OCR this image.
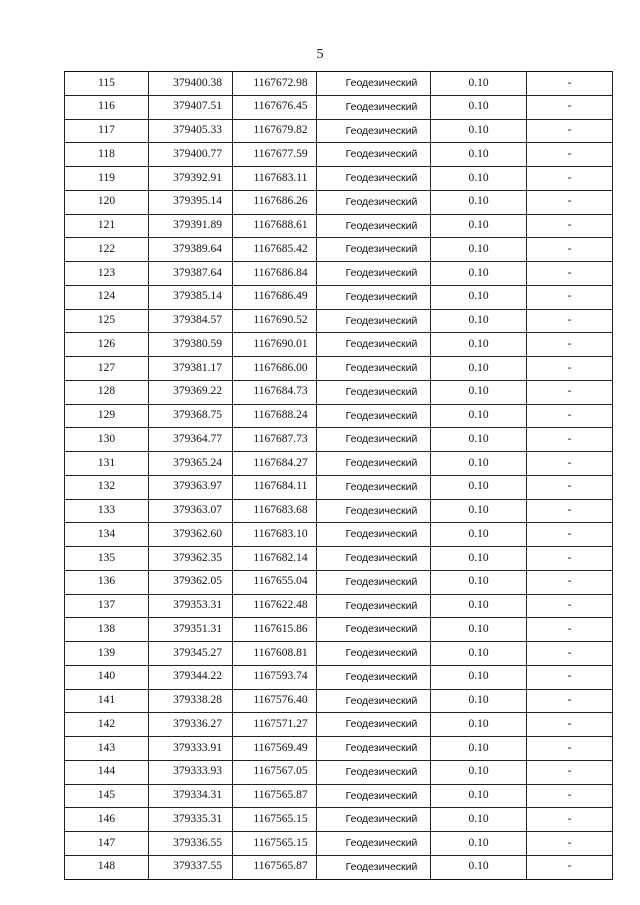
5
115	379400.38	1167672.98	Геодезический	0.10	-
116	379407.51	1167676.45	Геодезический	0.10	-
117	379405.33	1167679.82	Геодезический	0.10	-
118	379400.77	1167677.59	Геодезический	0.10	-
119	379392.91	1167683.11	Геодезический	0.10	-
120	379395.14	1167686.26	Геодезический	0.10	-
121	379391.89	1167688.61	Геодезический	0.10	-
122	379389.64	1167685.42	Геодезический	0.10	-
123	379387.64	1167686.84	Геодезический	0.10	-
124	379385.14	1167686.49	Геодезический	0.10	-
125	379384.57	1167690.52	Геодезический	0.10	-
126	379380.59	1167690.01	Геодезический	0.10	-
127	379381.17	1167686.00	Геодезический	0.10	-
128	379369.22	1167684.73	Геодезический	0.10	-
129	379368.75	1167688.24	Геодезический	0.10	-
130	379364.77	1167687.73	Геодезический	0.10	-
131	379365.24	1167684.27	Геодезический	0.10	-
132	379363.97	1167684.11	Геодезический	0.10	-
133	379363.07	1167683.68	Геодезический	0.10	-
134	379362.60	1167683.10	Геодезический	0.10	-
135	379362.35	1167682.14	Геодезический	0.10	-
136	379362.05	1167655.04	Геодезический	0.10	-
137	379353.31	1167622.48	Геодезический	0.10	-
138	379351.31	1167615.86	Геодезический	0.10	-
139	379345.27	1167608.81	Геодезический	0.10	-
140	379344.22	1167593.74	Геодезический	0.10	-
141	379338.28	1167576.40	Геодезический	0.10	-
142	379336.27	1167571.27	Геодезический	0.10	-
143	379333.91	1167569.49	Геодезический	0.10	-
144	379333.93	1167567.05	Геодезический	0.10	-
145	379334.31	1167565.87	Геодезический	0.10	-
146	379335.31	1167565.15	Геодезический	0.10	-
147	379336.55	1167565.15	Геодезический	0.10	-
148	379337.55	1167565.87	Геодезический	0.10	-
